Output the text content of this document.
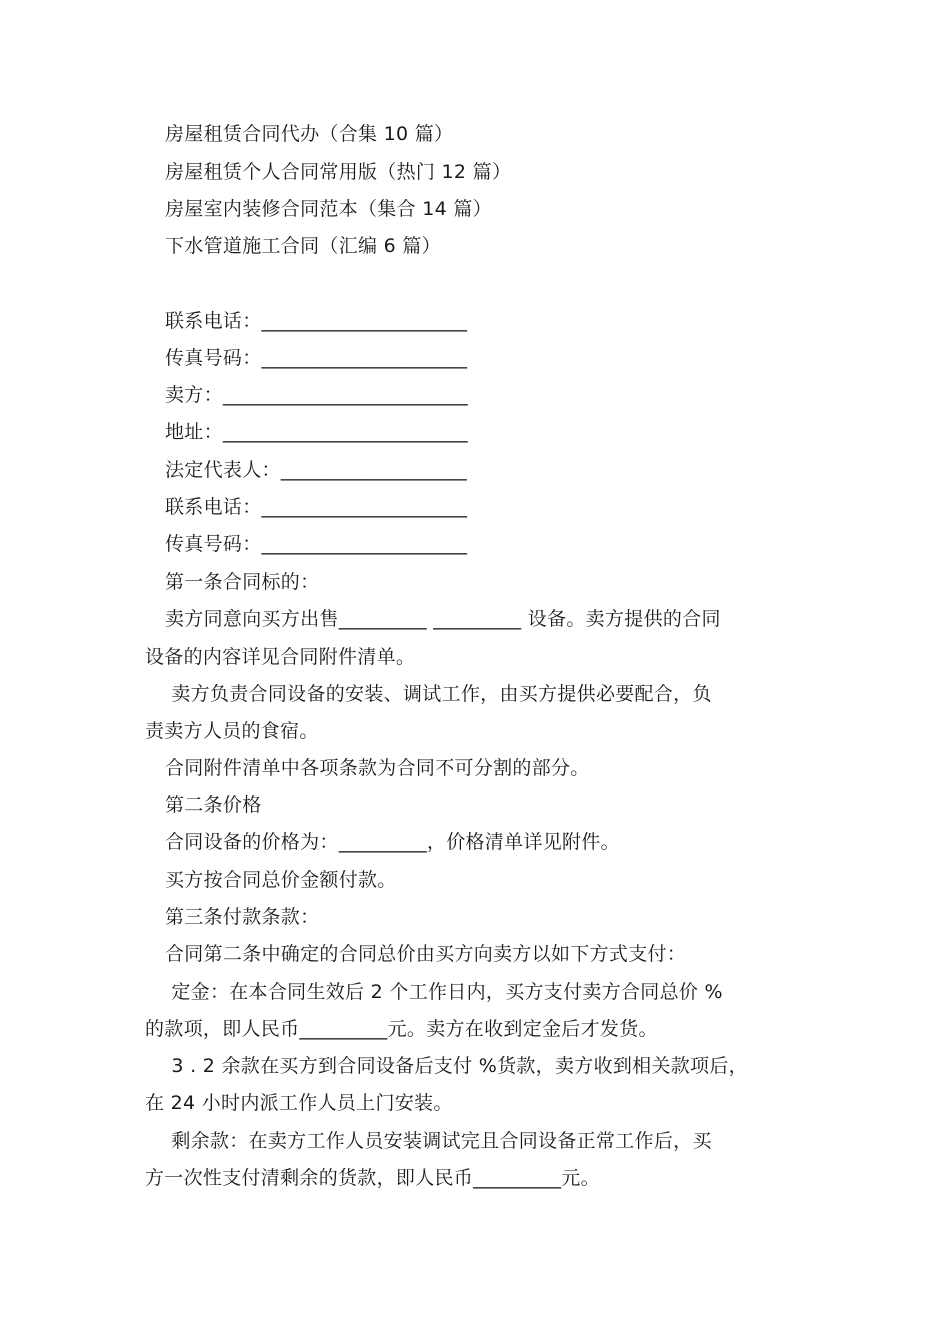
房屋租赁合同代办（合集 10 篇）
房屋租赁个人合同常用版（热门 12 篇）
房屋室内装修合同范本（集合 14 篇）
下水管道施工合同（汇编 6 篇）
联系电话：_____________________
传真号码：_____________________
卖方：_________________________
地址：_________________________
法定代表人：___________________
联系电话：_____________________
传真号码：_____________________
第一条合同标的：
卖方同意向买方出售_________ _________ 设备。卖方提供的合同
设备的内容详见合同附件清单。
卖方负责合同设备的安装、调试工作，由买方提供必要配合，负
责卖方人员的食宿。
合同附件清单中各项条款为合同不可分割的部分。
第二条价格
合同设备的价格为：_________，价格清单详见附件。
买方按合同总价金额付款。
第三条付款条款：
合同第二条中确定的合同总价由买方向卖方以如下方式支付：
定金：在本合同生效后 2 个工作日内，买方支付卖方合同总价 %
的款项，即人民币_________元。卖方在收到定金后才发货。
3 . 2 余款在买方到合同设备后支付 %货款，卖方收到相关款项后，
在 24 小时内派工作人员上门安装。
剩余款：在卖方工作人员安装调试完且合同设备正常工作后，买
方一次性支付清剩余的货款，即人民币_________元。
